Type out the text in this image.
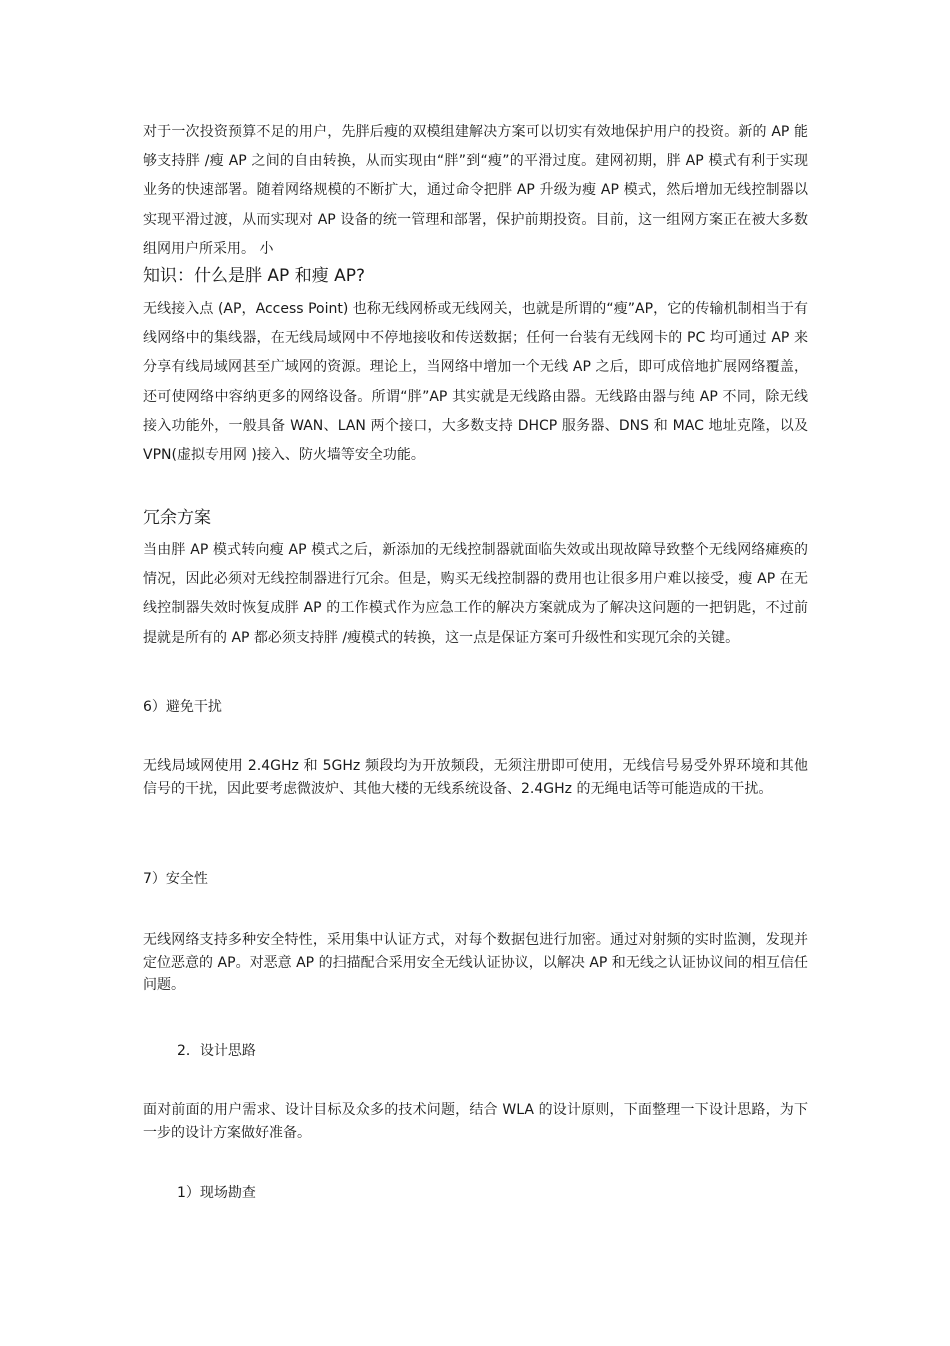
对于一次投资预算不足的用户，先胖后瘦的双模组建解决方案可以切实有效地保护用户的投资。新的 AP 能够支持胖 /瘦 AP 之间的自由转换，从而实现由“胖”到“瘦”的平滑过度。建网初期，胖 AP 模式有利于实现业务的快速部署。随着网络规模的不断扩大，通过命令把胖 AP 升级为瘦 AP 模式，然后增加无线控制器以实现平滑过渡，从而实现对 AP 设备的统一管理和部署，保护前期投资。目前，这一组网方案正在被大多数组网用户所采用。 小

知识：什么是胖 AP 和瘦 AP?

无线接入点 (AP，Access Point) 也称无线网桥或无线网关，也就是所谓的“瘦”AP，它的传输机制相当于有线网络中的集线器，在无线局域网中不停地接收和传送数据；任何一台装有无线网卡的 PC 均可通过 AP 来分享有线局域网甚至广域网的资源。理论上，当网络中增加一个无线 AP 之后，即可成倍地扩展网络覆盖，还可使网络中容纳更多的网络设备。所谓“胖”AP 其实就是无线路由器。无线路由器与纯 AP 不同，除无线接入功能外，一般具备 WAN、LAN 两个接口，大多数支持 DHCP 服务器、DNS 和 MAC 地址克隆，以及 VPN(虚拟专用网 )接入、防火墙等安全功能。

冗余方案

当由胖 AP 模式转向瘦 AP 模式之后，新添加的无线控制器就面临失效或出现故障导致整个无线网络瘫痪的情况，因此必须对无线控制器进行冗余。但是，购买无线控制器的费用也让很多用户难以接受，瘦 AP 在无线控制器失效时恢复成胖 AP 的工作模式作为应急工作的解决方案就成为了解决这问题的一把钥匙，不过前提就是所有的 AP 都必须支持胖 /瘦模式的转换，这一点是保证方案可升级性和实现冗余的关键。

6）避免干扰

无线局域网使用 2.4GHz 和 5GHz 频段均为开放频段，无须注册即可使用，无线信号易受外界环境和其他信号的干扰，因此要考虑微波炉、其他大楼的无线系统设备、2.4GHz 的无绳电话等可能造成的干扰。

7）安全性

无线网络支持多种安全特性，采用集中认证方式，对每个数据包进行加密。通过对射频的实时监测，发现并定位恶意的 AP。对恶意 AP 的扫描配合采用安全无线认证协议，以解决 AP 和无线之认证协议间的相互信任问题。

2．设计思路

面对前面的用户需求、设计目标及众多的技术问题，结合 WLA 的设计原则，下面整理一下设计思路，为下一步的设计方案做好准备。

1）现场勘查
